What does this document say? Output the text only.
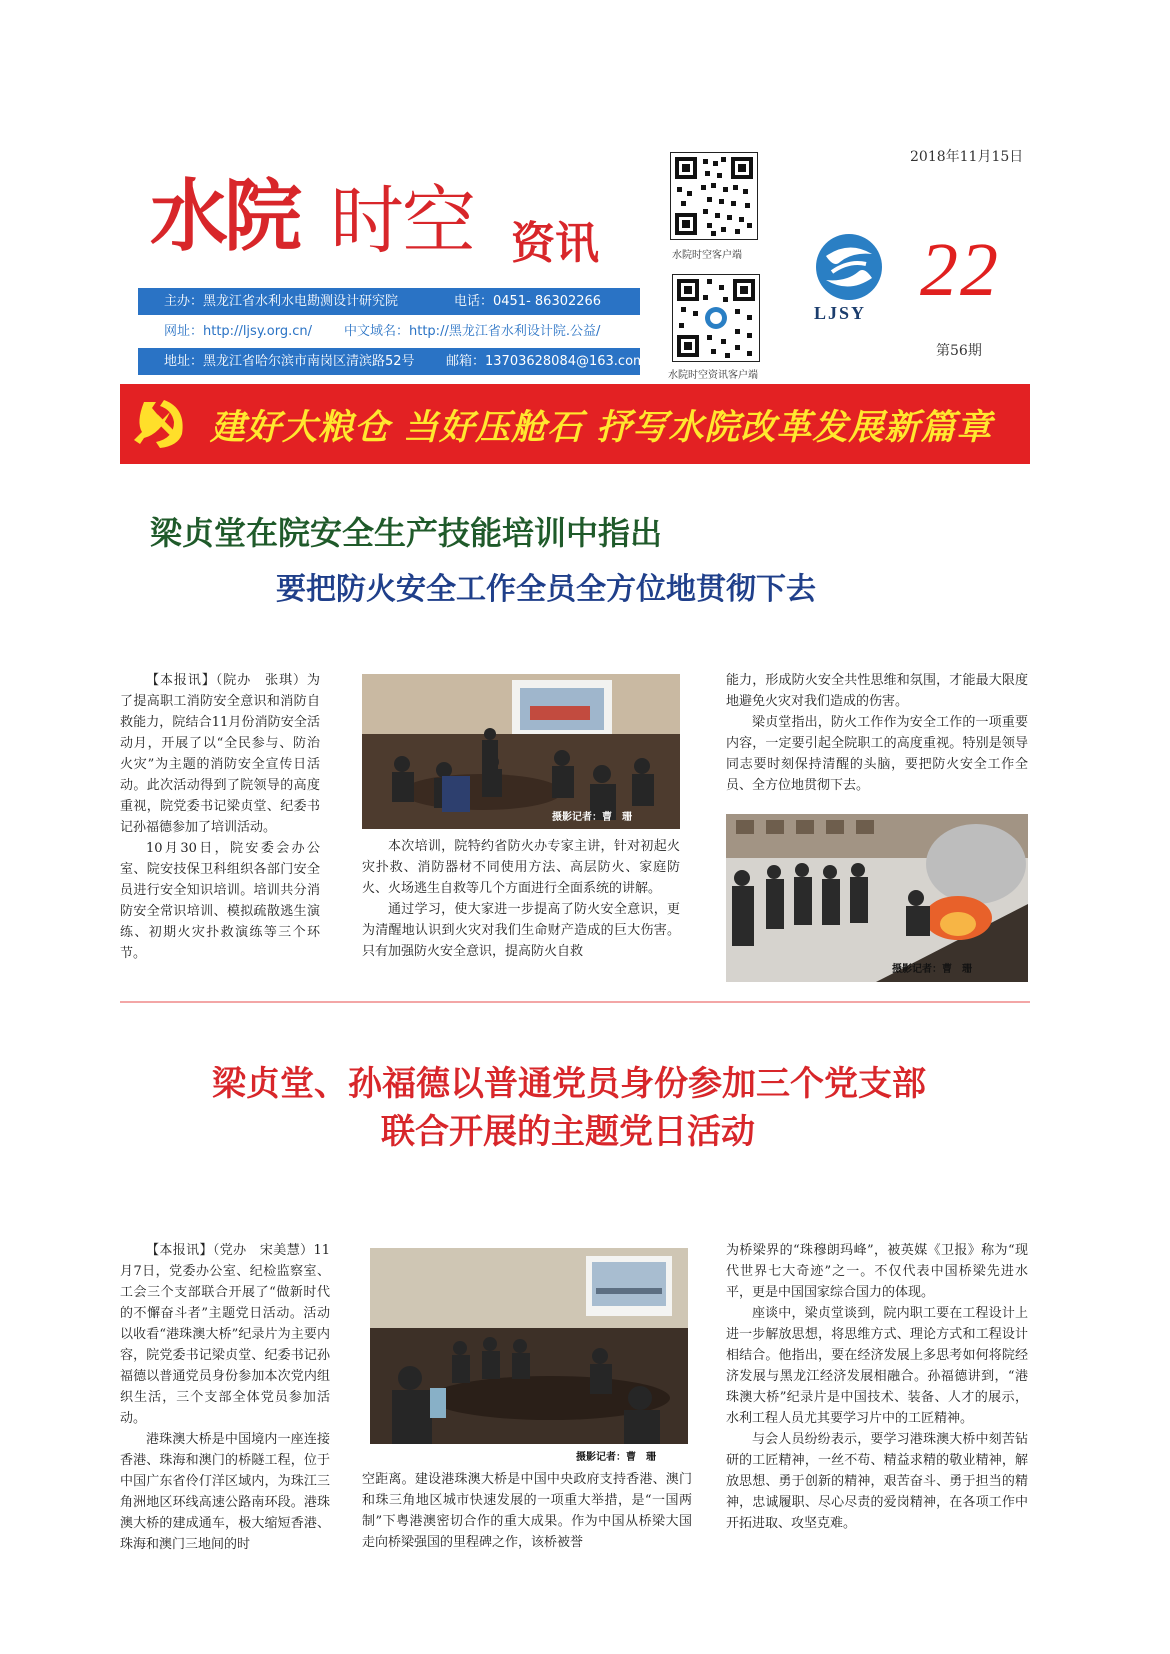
水院 时空 资讯
主办：黑龙江省水利水电勘测设计研究院	电话：0451- 86302266
网址：http://ljsy.org.cn/ 中文域名：http://黑龙江省水利设计院.公益/
地址：黑龙江省哈尔滨市南岗区清滨路52号 邮箱：13703628084@163.com
水院时空客户端
水院时空资讯客户端
2018年11月15日
LJSY
22
第56期
建好大粮仓 当好压舱石 抒写水院改革发展新篇章
梁贞堂在院安全生产技能培训中指出
要把防火安全工作全员全方位地贯彻下去

【本报讯】（院办　张琪）为了提高职工消防安全意识和消防自救能力，院结合11月份消防安全活动月，开展了以“全民参与、防治火灾”为主题的消防安全宣传日活动。此次活动得到了院领导的高度重视，院党委书记梁贞堂、纪委书记孙福德参加了培训活动。

10月30日，院安委会办公室、院安技保卫科组织各部门安全员进行安全知识培训。培训共分消防安全常识培训、模拟疏散逃生演练、初期火灾扑救演练等三个环节。

摄影记者：曹　珊

本次培训，院特约省防火办专家主讲，针对初起火灾扑救、消防器材不同使用方法、高层防火、家庭防火、火场逃生自救等几个方面进行全面系统的讲解。

通过学习，使大家进一步提高了防火安全意识，更为清醒地认识到火灾对我们生命财产造成的巨大伤害。只有加强防火安全意识，提高防火自救

能力，形成防火安全共性思维和氛围，才能最大限度地避免火灾对我们造成的伤害。

梁贞堂指出，防火工作作为安全工作的一项重要内容，一定要引起全院职工的高度重视。特别是领导同志要时刻保持清醒的头脑，要把防火安全工作全员、全方位地贯彻下去。

摄影记者：曹　珊
梁贞堂、孙福德以普通党员身份参加三个党支部
联合开展的主题党日活动

【本报讯】（党办　宋美慧）11月7日，党委办公室、纪检监察室、工会三个支部联合开展了“做新时代的不懈奋斗者”主题党日活动。活动以收看“港珠澳大桥”纪录片为主要内容，院党委书记梁贞堂、纪委书记孙福德以普通党员身份参加本次党内组织生活，三个支部全体党员参加活动。

港珠澳大桥是中国境内一座连接香港、珠海和澳门的桥隧工程，位于中国广东省伶仃洋区域内，为珠江三角洲地区环线高速公路南环段。港珠澳大桥的建成通车，极大缩短香港、珠海和澳门三地间的时

摄影记者：曹　珊

空距离。建设港珠澳大桥是中国中央政府支持香港、澳门和珠三角地区城市快速发展的一项重大举措，是“一国两制”下粤港澳密切合作的重大成果。作为中国从桥梁大国走向桥梁强国的里程碑之作，该桥被誉

为桥梁界的“珠穆朗玛峰”，被英媒《卫报》称为“现代世界七大奇迹”之一。不仅代表中国桥梁先进水平，更是中国国家综合国力的体现。

座谈中，梁贞堂谈到，院内职工要在工程设计上进一步解放思想，将思维方式、理论方式和工程设计相结合。他指出，要在经济发展上多思考如何将院经济发展与黑龙江经济发展相融合。孙福德讲到，“港珠澳大桥”纪录片是中国技术、装备、人才的展示，水利工程人员尤其要学习片中的工匠精神。

与会人员纷纷表示，要学习港珠澳大桥中刻苦钻研的工匠精神，一丝不苟、精益求精的敬业精神，解放思想、勇于创新的精神，艰苦奋斗、勇于担当的精神，忠诚履职、尽心尽责的爱岗精神，在各项工作中开拓进取、攻坚克难。
